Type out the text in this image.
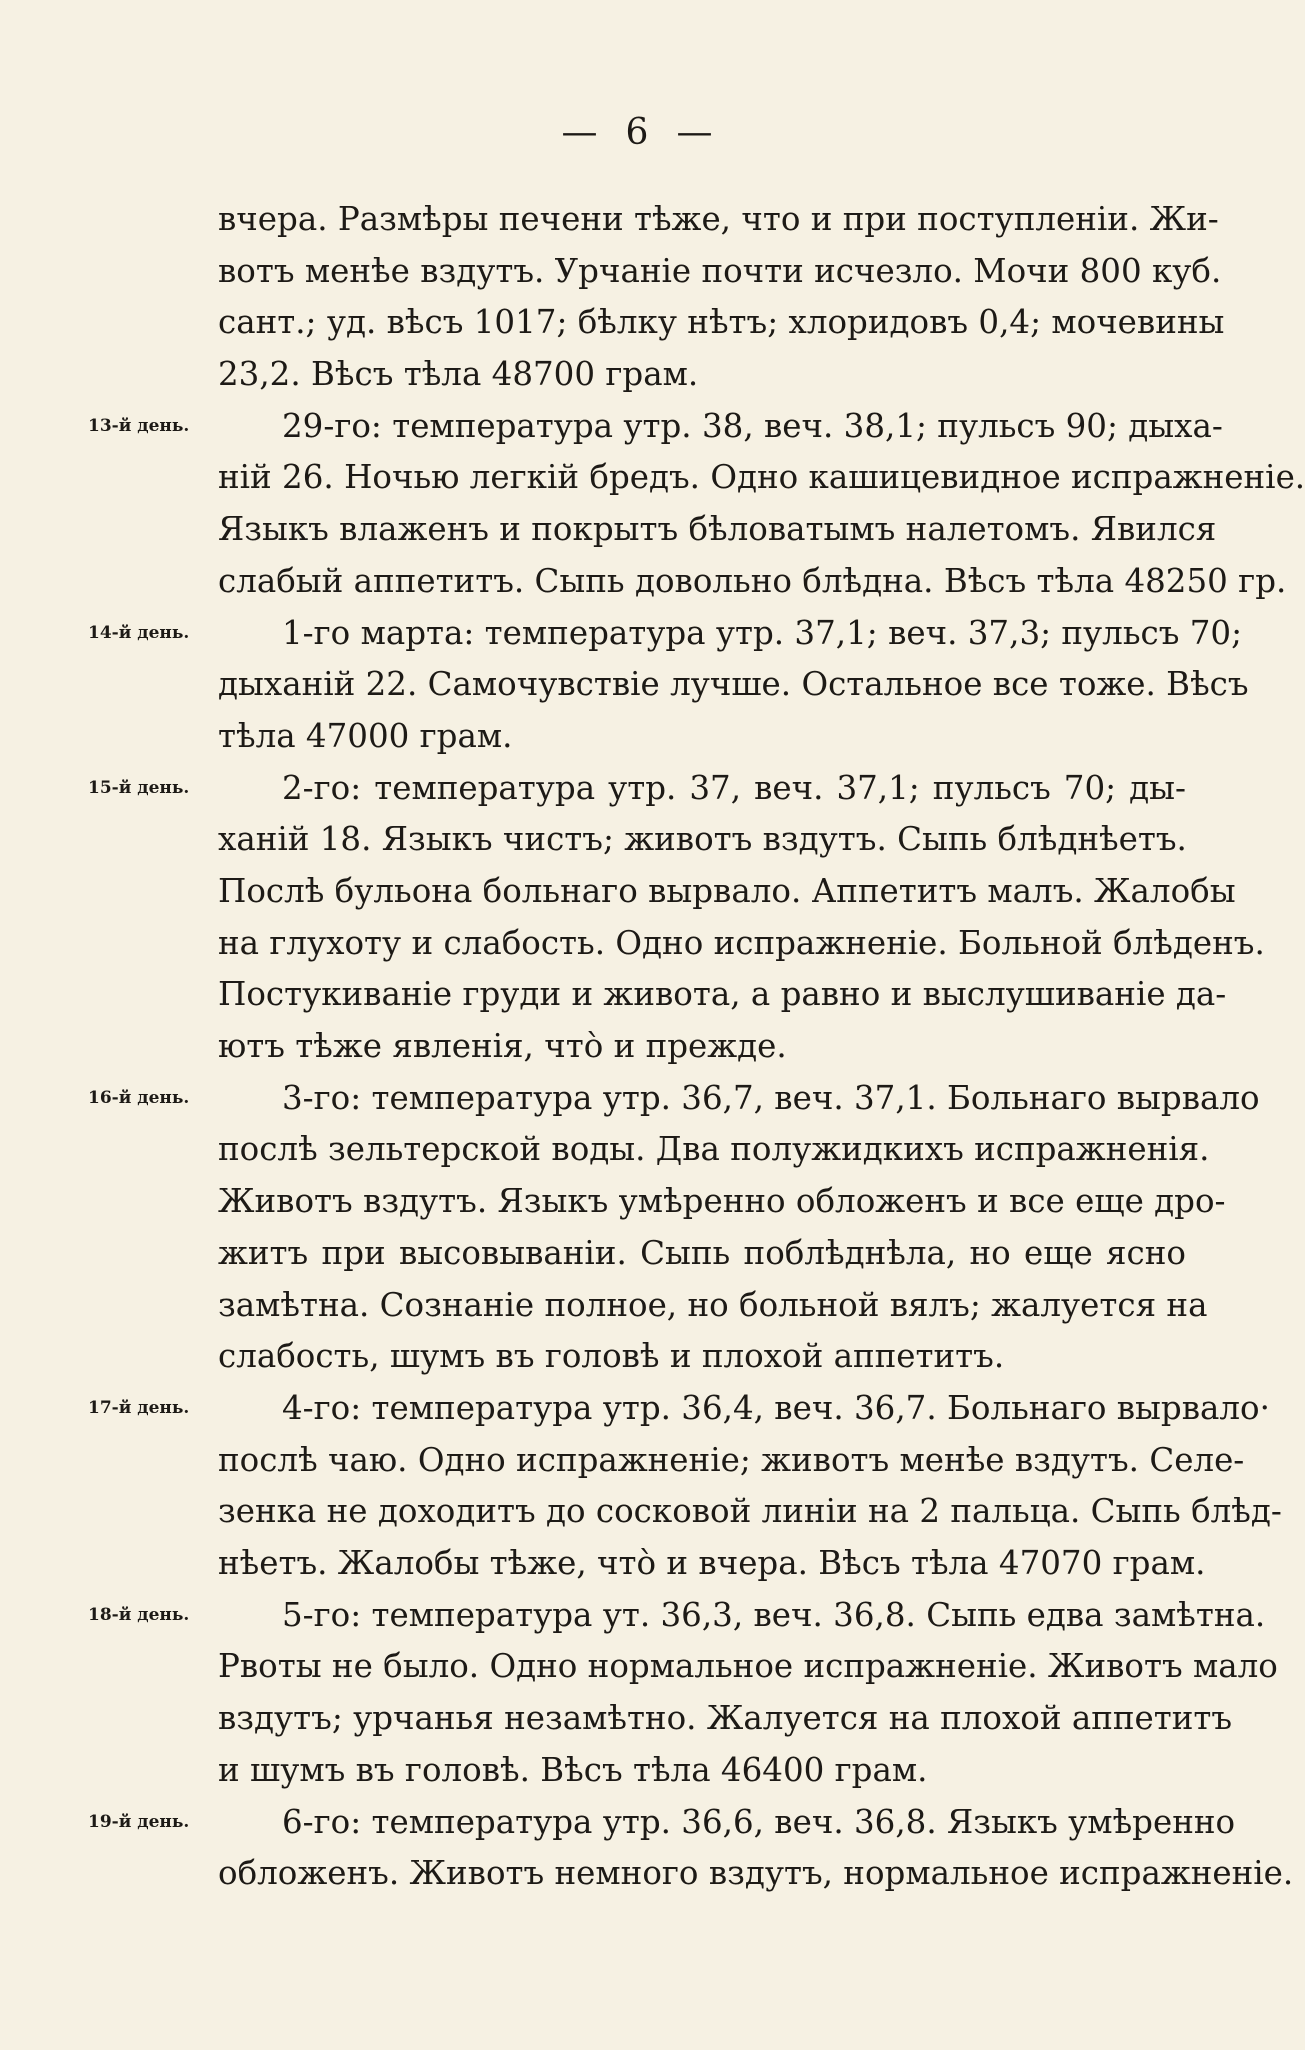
— 6 —
13-й день.
14-й день.
15-й день.
16-й день.
17-й день.
18-й день.
19-й день.
вчера. Размѣры печени тѣже, что и при поступленіи. Жи-
вотъ менѣе вздутъ. Урчаніе почти исчезло. Мочи 800 куб.
сант.; уд. вѣсъ 1017; бѣлку нѣтъ; хлоридовъ 0,4; мочевины
23,2. Вѣсъ тѣла 48700 грам.
29-го: температура утр. 38, веч. 38,1; пульсъ 90; дыха-
ній 26. Ночью легкій бредъ. Одно кашицевидное испражненіе.
Языкъ влаженъ и покрытъ бѣловатымъ налетомъ. Явился
слабый аппетитъ. Сыпь довольно блѣдна. Вѣсъ тѣла 48250 гр.
1-го марта: температура утр. 37,1; веч. 37,3; пульсъ 70;
дыханій 22. Самочувствіе лучше. Остальное все тоже. Вѣсъ
тѣла 47000 грам.
2-го: температура утр. 37, веч. 37,1; пульсъ 70; ды-
ханій 18. Языкъ чистъ; животъ вздутъ. Сыпь блѣднѣетъ.
Послѣ бульона больнаго вырвало. Аппетитъ малъ. Жалобы
на глухоту и слабость. Одно испражненіе. Больной блѣденъ.
Постукиваніе груди и живота, а равно и выслушиваніе да-
ютъ тѣже явленія, что̀ и прежде.
3-го: температура утр. 36,7, веч. 37,1. Больнаго вырвало
послѣ зельтерской воды. Два полужидкихъ испражненія.
Животъ вздутъ. Языкъ умѣренно обложенъ и все еще дро-
житъ при высовываніи. Сыпь поблѣднѣла, но еще ясно
замѣтна. Сознаніе полное, но больной вялъ; жалуется на
слабость, шумъ въ головѣ и плохой аппетитъ.
4-го: температура утр. 36,4, веч. 36,7. Больнаго вырвало·
послѣ чаю. Одно испражненіе; животъ менѣе вздутъ. Селе-
зенка не доходитъ до сосковой линіи на 2 пальца. Сыпь блѣд-
нѣетъ. Жалобы тѣже, что̀ и вчера. Вѣсъ тѣла 47070 грам.
5-го: температура ут. 36,3, веч. 36,8. Сыпь едва замѣтна.
Рвоты не было. Одно нормальное испражненіе. Животъ мало
вздутъ; урчанья незамѣтно. Жалуется на плохой аппетитъ
и шумъ въ головѣ. Вѣсъ тѣла 46400 грам.
6-го: температура утр. 36,6, веч. 36,8. Языкъ умѣренно
обложенъ. Животъ немного вздутъ, нормальное испражненіе.
